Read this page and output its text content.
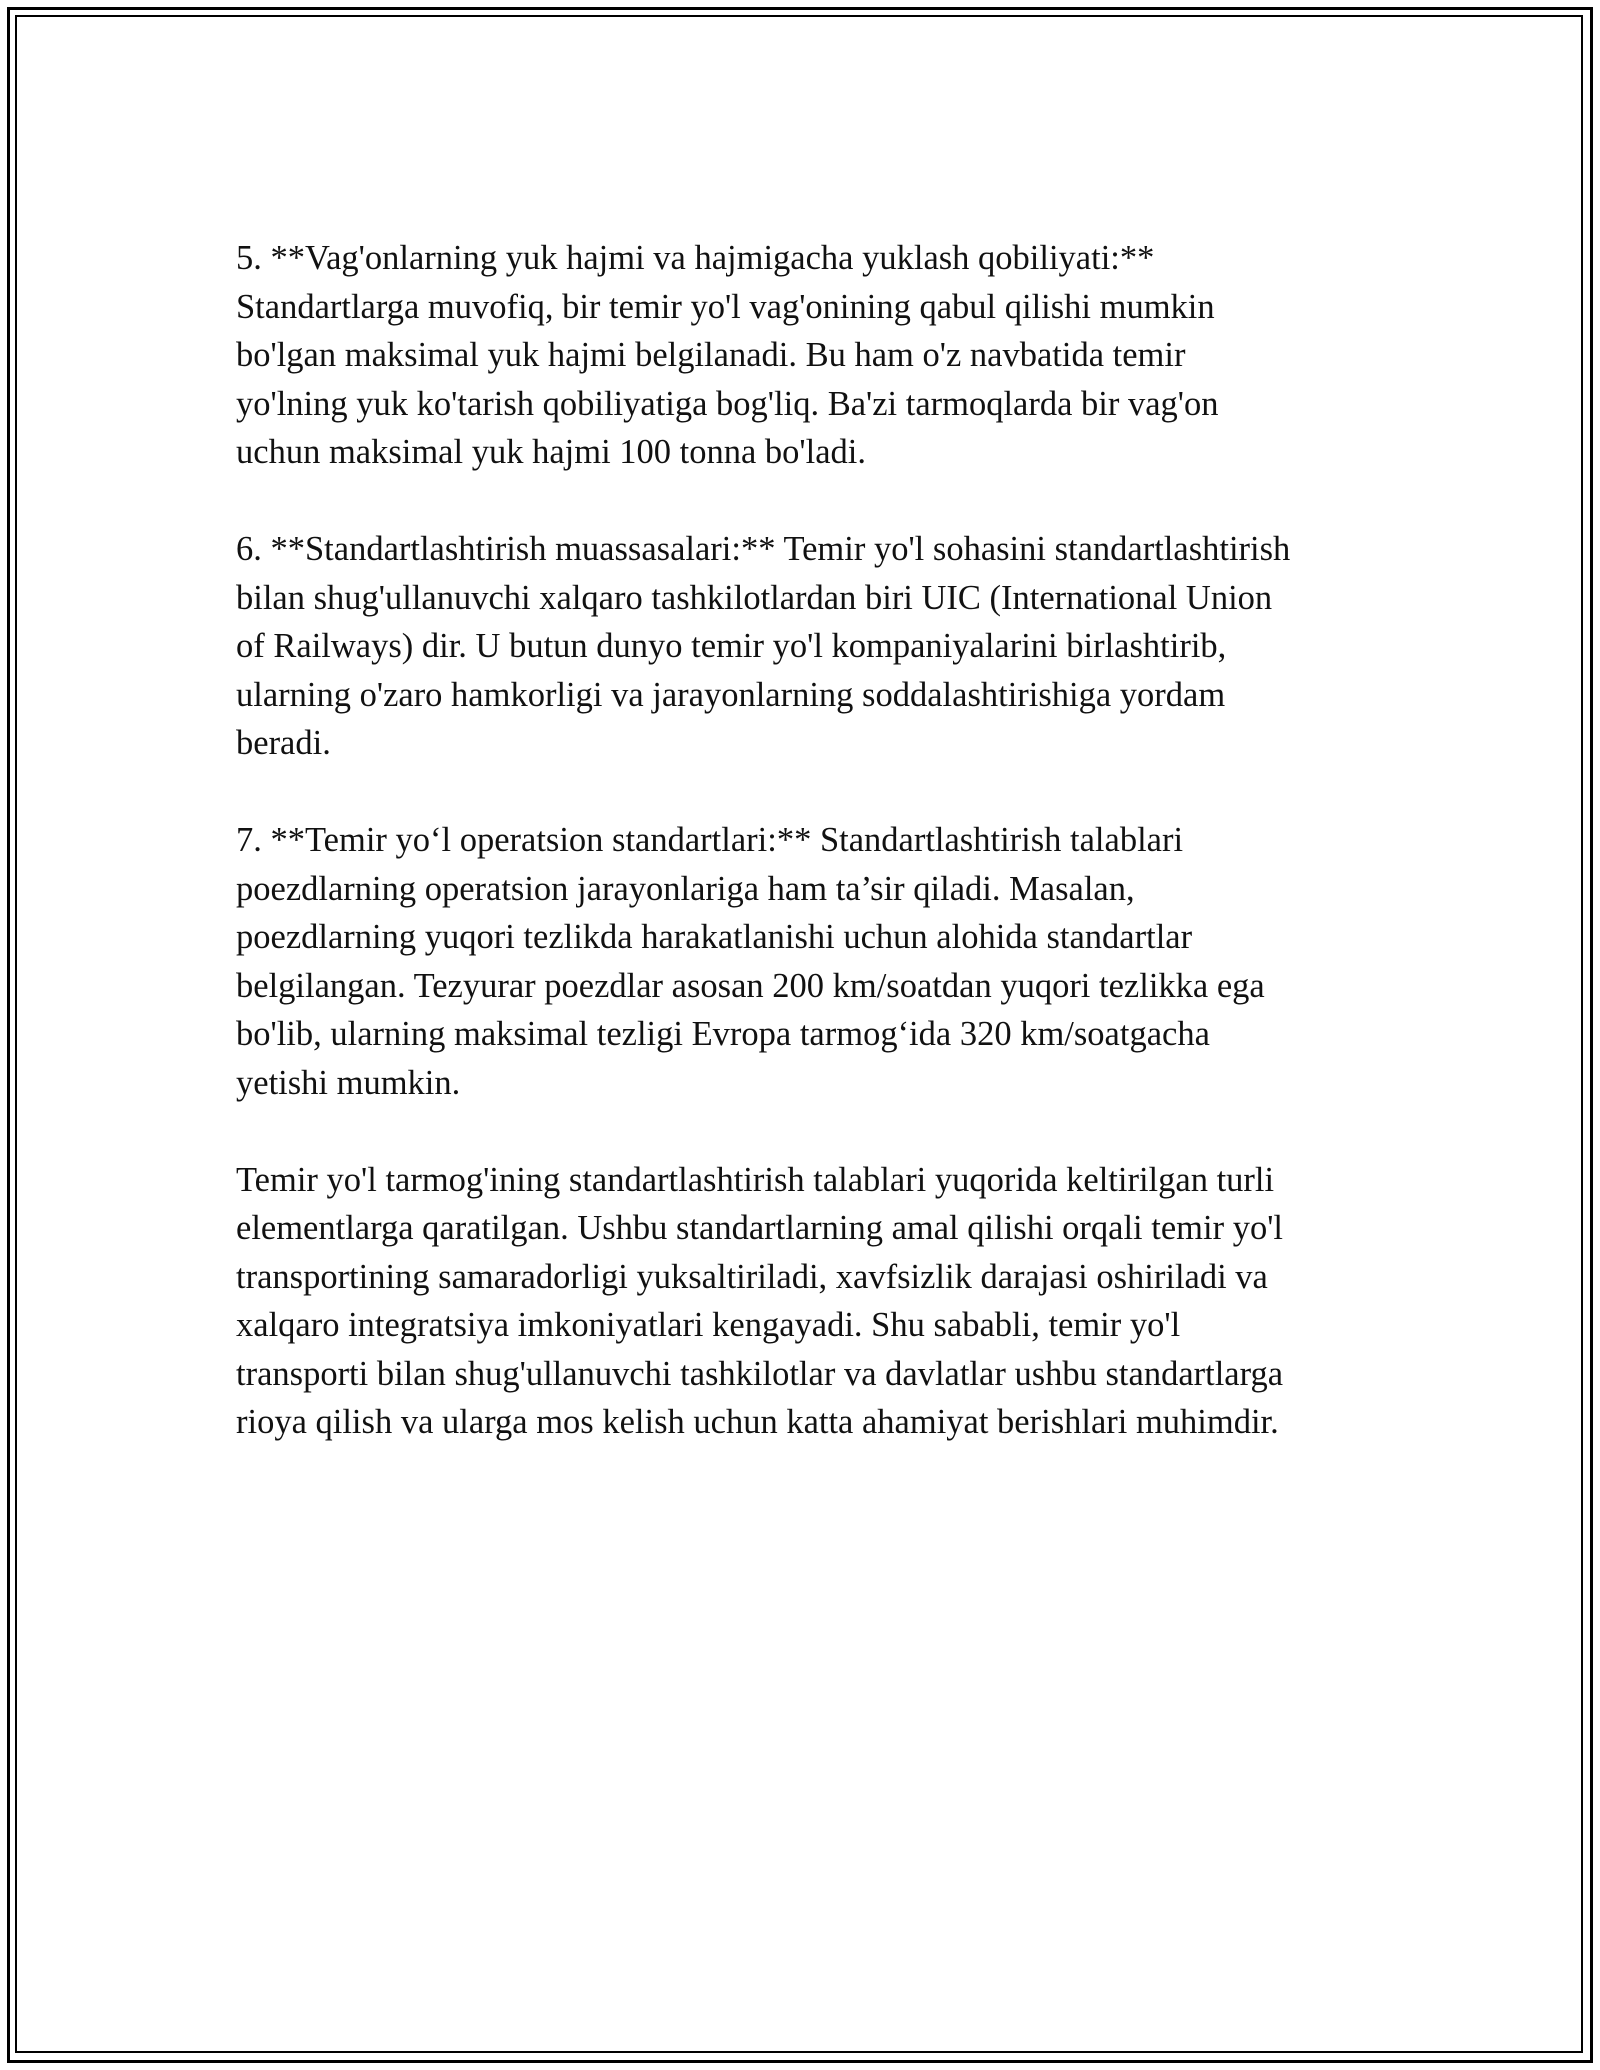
5. **Vag'onlarning yuk hajmi va hajmigacha yuklash qobiliyati:**
Standartlarga muvofiq, bir temir yo'l vag'onining qabul qilishi mumkin
bo'lgan maksimal yuk hajmi belgilanadi. Bu ham o'z navbatida temir
yo'lning yuk ko'tarish qobiliyatiga bog'liq. Ba'zi tarmoqlarda bir vag'on
uchun maksimal yuk hajmi 100 tonna bo'ladi.

6. **Standartlashtirish muassasalari:** Temir yo'l sohasini standartlashtirish
bilan shug'ullanuvchi xalqaro tashkilotlardan biri UIC (International Union
of Railways) dir. U butun dunyo temir yo'l kompaniyalarini birlashtirib,
ularning o'zaro hamkorligi va jarayonlarning soddalashtirishiga yordam
beradi.

7. **Temir yo‘l operatsion standartlari:** Standartlashtirish talablari
poezdlarning operatsion jarayonlariga ham ta’sir qiladi. Masalan,
poezdlarning yuqori tezlikda harakatlanishi uchun alohida standartlar
belgilangan. Tezyurar poezdlar asosan 200 km/soatdan yuqori tezlikka ega
bo'lib, ularning maksimal tezligi Evropa tarmog‘ida 320 km/soatgacha
yetishi mumkin.

Temir yo'l tarmog'ining standartlashtirish talablari yuqorida keltirilgan turli
elementlarga qaratilgan. Ushbu standartlarning amal qilishi orqali temir yo'l
transportining samaradorligi yuksaltiriladi, xavfsizlik darajasi oshiriladi va
xalqaro integratsiya imkoniyatlari kengayadi. Shu sababli, temir yo'l
transporti bilan shug'ullanuvchi tashkilotlar va davlatlar ushbu standartlarga
rioya qilish va ularga mos kelish uchun katta ahamiyat berishlari muhimdir.
